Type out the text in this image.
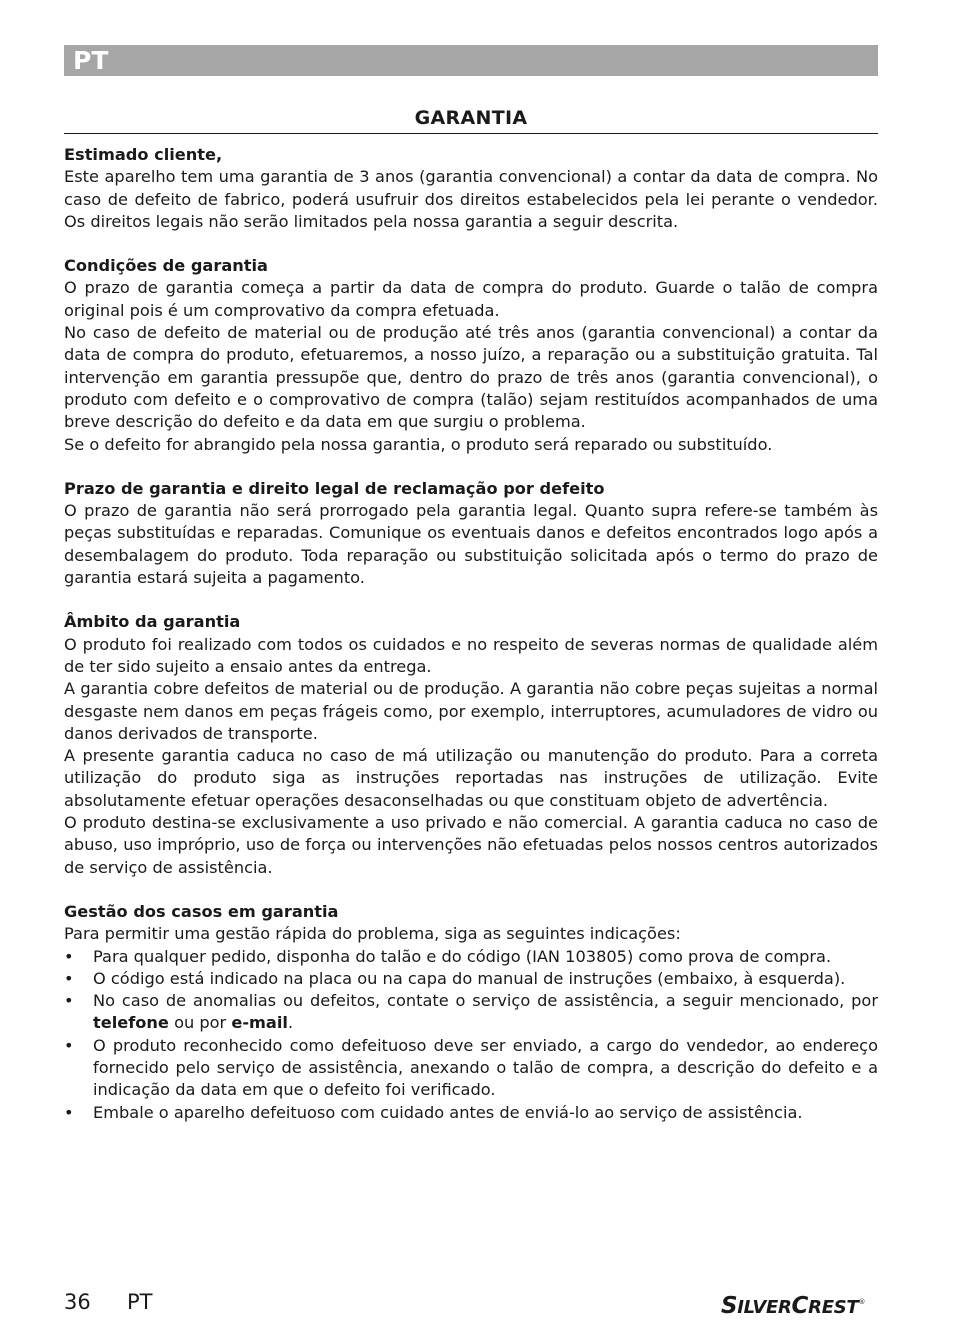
PT
GARANTIA

Estimado cliente,

Este aparelho tem uma garantia de 3 anos (garantia convencional) a contar da data de compra. No caso de defeito de fabrico, poderá usufruir dos direitos estabelecidos pela lei perante o vendedor. Os direitos legais não serão limitados pela nossa garantia a seguir descrita.

Condições de garantia

O prazo de garantia começa a partir da data de compra do produto. Guarde o talão de compra original pois é um comprovativo da compra efetuada.

No caso de defeito de material ou de produção até três anos (garantia convencional) a contar da data de compra do produto, efetuaremos, a nosso juízo, a reparação ou a substituição gratuita. Tal intervenção em garantia pressupõe que, dentro do prazo de três anos (garantia convencional), o produto com defeito e o comprovativo de compra (talão) sejam restituídos acompanhados de uma breve descrição do defeito e da data em que surgiu o problema.

Se o defeito for abrangido pela nossa garantia, o produto será reparado ou substituído.

Prazo de garantia e direito legal de reclamação por defeito

O prazo de garantia não será prorrogado pela garantia legal. Quanto supra refere-se também às peças substituídas e reparadas. Comunique os eventuais danos e defeitos encontrados logo após a desembalagem do produto. Toda reparação ou substituição solicitada após o termo do prazo de garantia estará sujeita a pagamento.

Âmbito da garantia

O produto foi realizado com todos os cuidados e no respeito de severas normas de qualidade além de ter sido sujeito a ensaio antes da entrega.

A garantia cobre defeitos de material ou de produção. A garantia não cobre peças sujeitas a normal desgaste nem danos em peças frágeis como, por exemplo, interruptores, acumuladores de vidro ou danos derivados de transporte.

A presente garantia caduca no caso de má utilização ou manutenção do produto. Para a correta utilização do produto siga as instruções reportadas nas instruções de utilização. Evite absolutamente efetuar operações desaconselhadas ou que constituam objeto de advertência.

O produto destina-se exclusivamente a uso privado e não comercial. A garantia caduca no caso de abuso, uso impróprio, uso de força ou intervenções não efetuadas pelos nossos centros autorizados de serviço de assistência.

Gestão dos casos em garantia

Para permitir uma gestão rápida do problema, siga as seguintes indicações:

• Para qualquer pedido, disponha do talão e do código (IAN 103805) como prova de compra.
• O código está indicado na placa ou na capa do manual de instruções (embaixo, à esquerda).
• No caso de anomalias ou defeitos, contate o serviço de assistência, a seguir mencionado, por telefone ou por e-mail.
• O produto reconhecido como defeituoso deve ser enviado, a cargo do vendedor, ao endereço fornecido pelo serviço de assistência, anexando o talão de compra, a descrição do defeito e a indicação da data em que o defeito foi verificado.
• Embale o aparelho defeituoso com cuidado antes de enviá-lo ao serviço de assistência.
36 PT	SILVERCREST®
